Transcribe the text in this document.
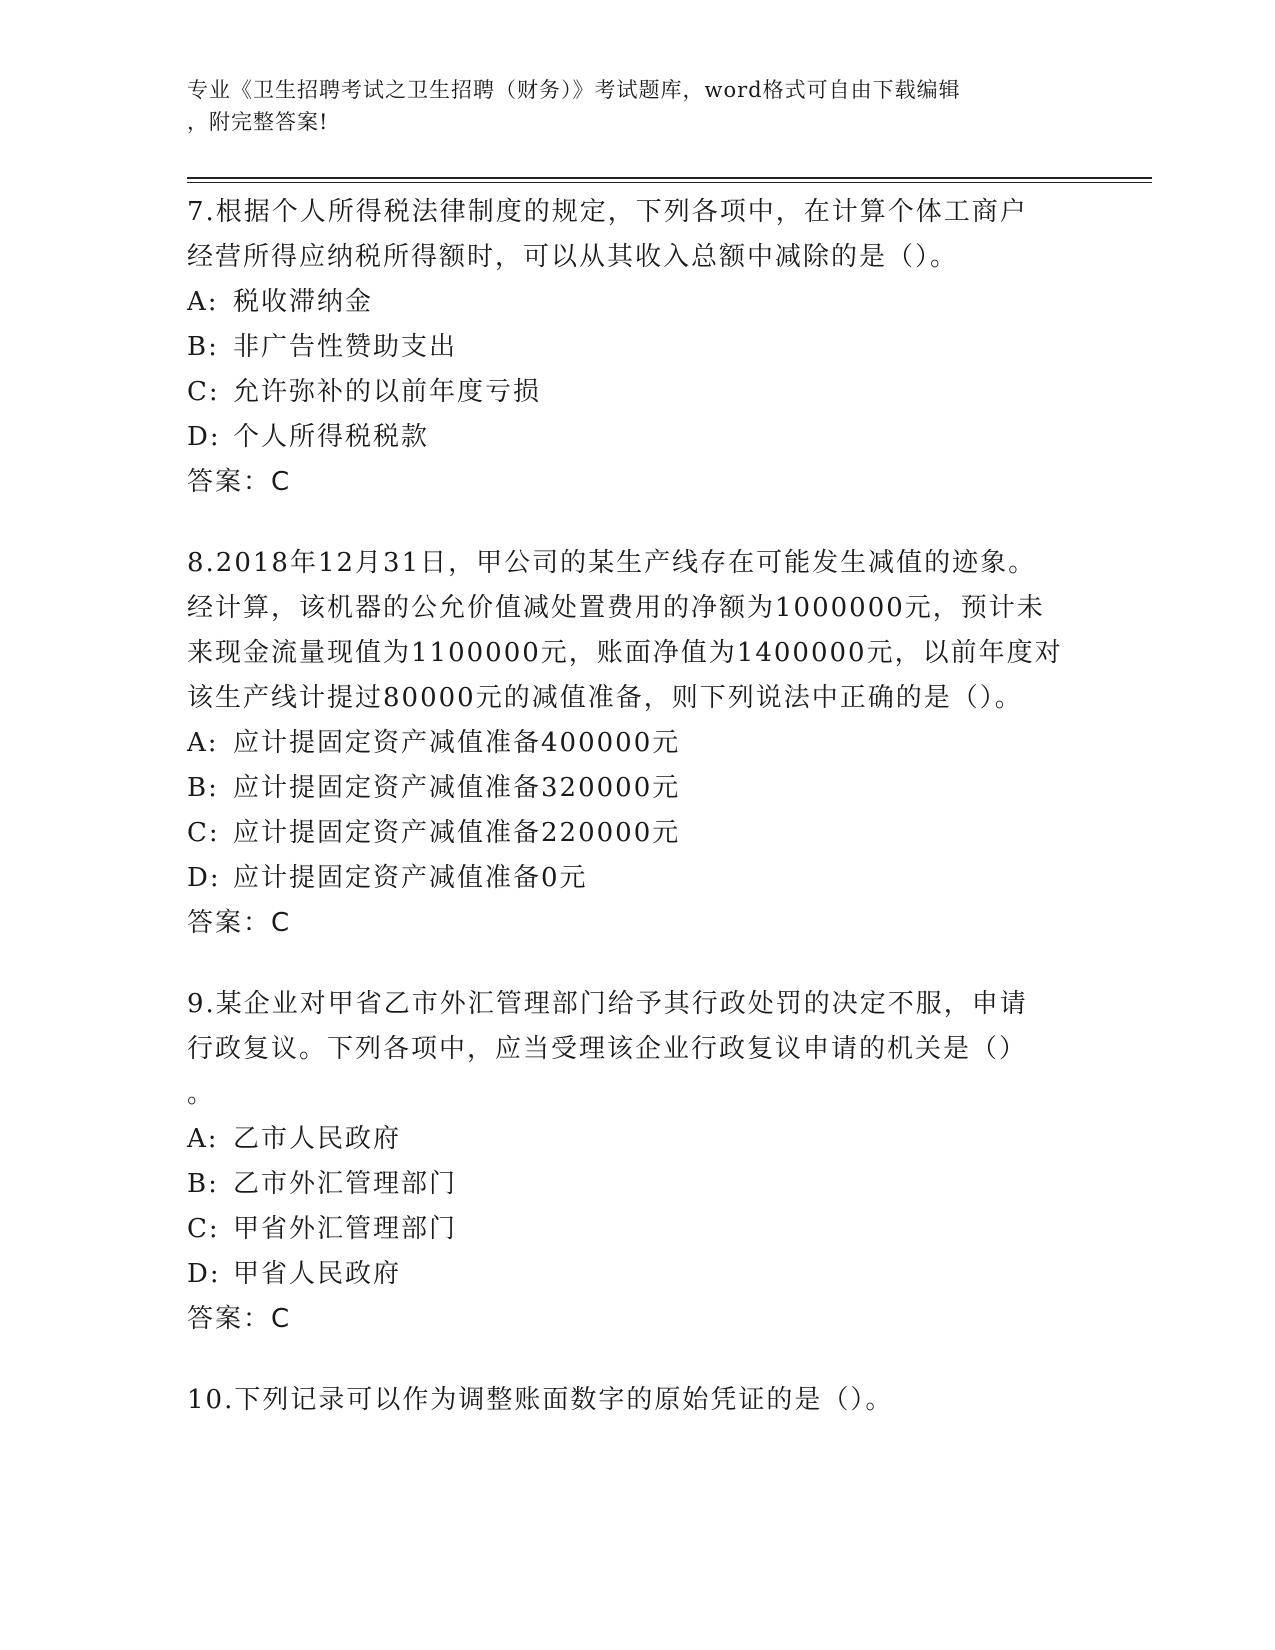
专业《卫生招聘考试之卫生招聘（财务）》考试题库，word格式可自由下载编辑
，附完整答案!
7.根据个人所得税法律制度的规定，下列各项中，在计算个体工商户
经营所得应纳税所得额时，可以从其收入总额中减除的是（）。
A: 税收滞纳金
B: 非广告性赞助支出
C: 允许弥补的以前年度亏损
D: 个人所得税税款
答案：C
8.2018年12月31日，甲公司的某生产线存在可能发生减值的迹象。
经计算，该机器的公允价值减处置费用的净额为1000000元，预计未
来现金流量现值为1100000元，账面净值为1400000元，以前年度对
该生产线计提过80000元的减值准备，则下列说法中正确的是（）。
A: 应计提固定资产减值准备400000元
B: 应计提固定资产减值准备320000元
C: 应计提固定资产减值准备220000元
D: 应计提固定资产减值准备0元
答案：C
9.某企业对甲省乙市外汇管理部门给予其行政处罚的决定不服，申请
行政复议。下列各项中，应当受理该企业行政复议申请的机关是（）
。
A: 乙市人民政府
B: 乙市外汇管理部门
C: 甲省外汇管理部门
D: 甲省人民政府
答案：C
10.下列记录可以作为调整账面数字的原始凭证的是（）。
